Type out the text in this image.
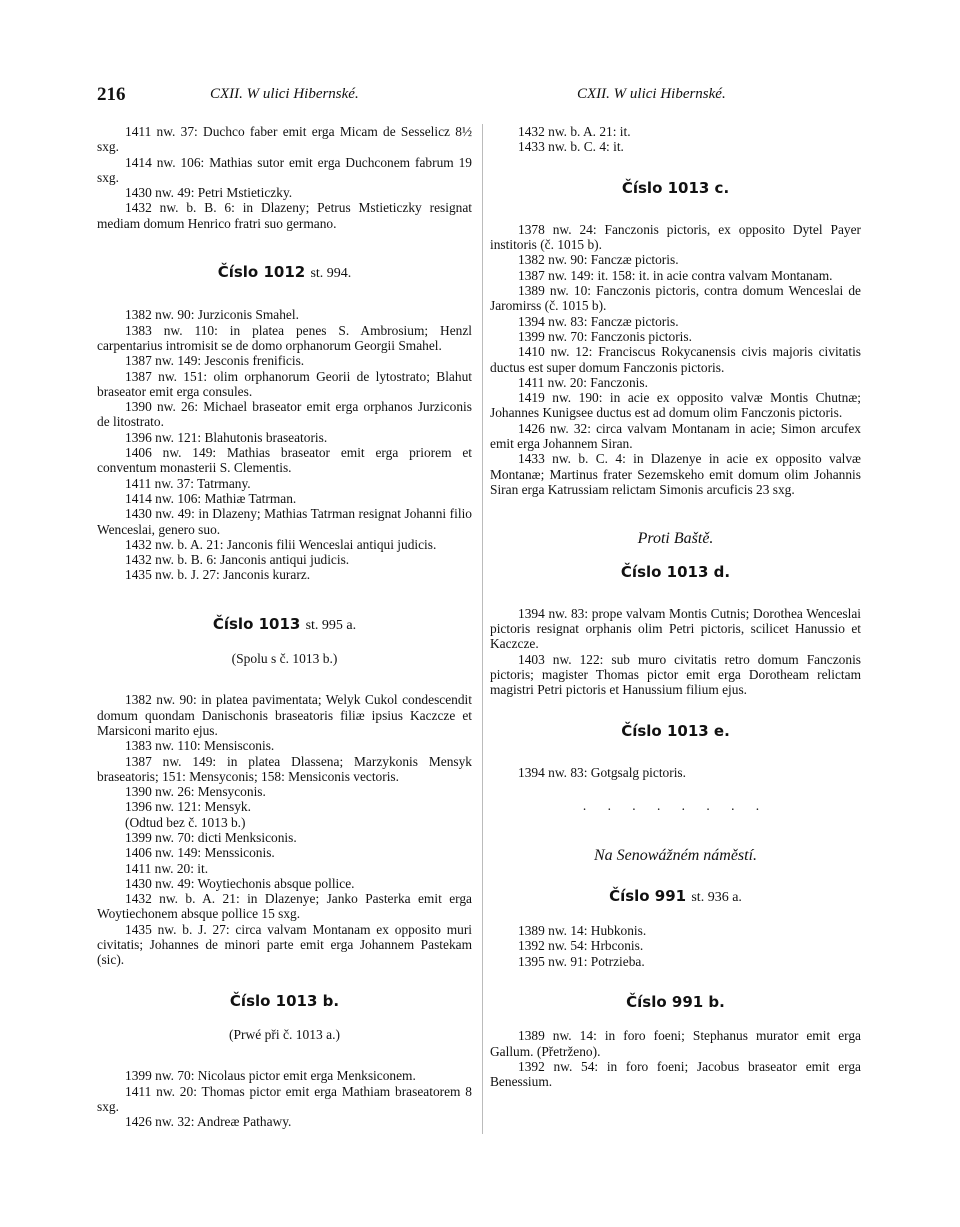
216	CXII. W ulici Hibernské.	CXII. W ulici Hibernské.

1411 nw. 37: Duchco faber emit erga Micam de Sesselicz 8½ sxg.

1414 nw. 106: Mathias sutor emit erga Duchconem fabrum 19 sxg.

1430 nw. 49: Petri Mstieticzky.

1432 nw. b. B. 6: in Dlazeny; Petrus Mstieticzky resignat mediam domum Henrico fratri suo germano.

Číslo 1012 st. 994.

1382 nw. 90: Jurziconis Smahel.

1383 nw. 110: in platea penes S. Ambrosium; Henzl carpentarius intromisit se de domo orphanorum Georgii Smahel.

1387 nw. 149: Jesconis frenificis.

1387 nw. 151: olim orphanorum Georii de lytostrato; Blahut braseator emit erga consules.

1390 nw. 26: Michael braseator emit erga orphanos Jurziconis de litostrato.

1396 nw. 121: Blahutonis braseatoris.

1406 nw. 149: Mathias braseator emit erga priorem et conventum monasterii S. Clementis.

1411 nw. 37: Tatrmany.

1414 nw. 106: Mathiæ Tatrman.

1430 nw. 49: in Dlazeny; Mathias Tatrman resignat Johanni filio Wenceslai, genero suo.

1432 nw. b. A. 21: Janconis filii Wenceslai antiqui judicis.

1432 nw. b. B. 6: Janconis antiqui judicis.

1435 nw. b. J. 27: Janconis kurarz.

Číslo 1013 st. 995 a.

(Spolu s č. 1013 b.)

1382 nw. 90: in platea pavimentata; Welyk Cukol condescendit domum quondam Danischonis braseatoris filiæ ipsius Kaczcze et Marsiconi marito ejus.

1383 nw. 110: Mensisconis.

1387 nw. 149: in platea Dlassena; Marzykonis Mensyk braseatoris; 151: Mensyconis; 158: Mensiconis vectoris.

1390 nw. 26: Mensyconis.

1396 nw. 121: Mensyk.

(Odtud bez č. 1013 b.)

1399 nw. 70: dicti Menksiconis.

1406 nw. 149: Menssiconis.

1411 nw. 20: it.

1430 nw. 49: Woytiechonis absque pollice.

1432 nw. b. A. 21: in Dlazenye; Janko Pasterka emit erga Woytiechonem absque pollice 15 sxg.

1435 nw. b. J. 27: circa valvam Montanam ex opposito muri civitatis; Johannes de minori parte emit erga Johannem Pastekam (sic).

Číslo 1013 b.

(Prwé při č. 1013 a.)

1399 nw. 70: Nicolaus pictor emit erga Menksiconem.

1411 nw. 20: Thomas pictor emit erga Mathiam braseatorem 8 sxg.

1426 nw. 32: Andreæ Pathawy.

1432 nw. b. A. 21: it.

1433 nw. b. C. 4: it.

Číslo 1013 c.

1378 nw. 24: Fanczonis pictoris, ex opposito Dytel Payer institoris (č. 1015 b).

1382 nw. 90: Fanczæ pictoris.

1387 nw. 149: it. 158: it. in acie contra valvam Montanam.

1389 nw. 10: Fanczonis pictoris, contra domum Wenceslai de Jaromirss (č. 1015 b).

1394 nw. 83: Fanczæ pictoris.

1399 nw. 70: Fanczonis pictoris.

1410 nw. 12: Franciscus Rokycanensis civis majoris civitatis ductus est super domum Fanczonis pictoris.

1411 nw. 20: Fanczonis.

1419 nw. 190: in acie ex opposito valvæ Montis Chutnæ; Johannes Kunigsee ductus est ad domum olim Fanczonis pictoris.

1426 nw. 32: circa valvam Montanam in acie; Simon arcufex emit erga Johannem Siran.

1433 nw. b. C. 4: in Dlazenye in acie ex opposito valvæ Montanæ; Martinus frater Sezemskeho emit domum olim Johannis Siran erga Katrussiam relictam Simonis arcuficis 23 sxg.

Proti Baště.

Číslo 1013 d.

1394 nw. 83: prope valvam Montis Cutnis; Dorothea Wenceslai pictoris resignat orphanis olim Petri pictoris, scilicet Hanussio et Kaczcze.

1403 nw. 122: sub muro civitatis retro domum Fanczonis pictoris; magister Thomas pictor emit erga Dorotheam relictam magistri Petri pictoris et Hanussium filium ejus.

Číslo 1013 e.

1394 nw. 83: Gotgsalg pictoris.

. . . . . . . .

Na Senowážném náměstí.

Číslo 991 st. 936 a.

1389 nw. 14: Hubkonis.

1392 nw. 54: Hrbconis.

1395 nw. 91: Potrzieba.

Číslo 991 b.

1389 nw. 14: in foro foeni; Stephanus murator emit erga Gallum. (Přetrženo).

1392 nw. 54: in foro foeni; Jacobus braseator emit erga Benessium.
